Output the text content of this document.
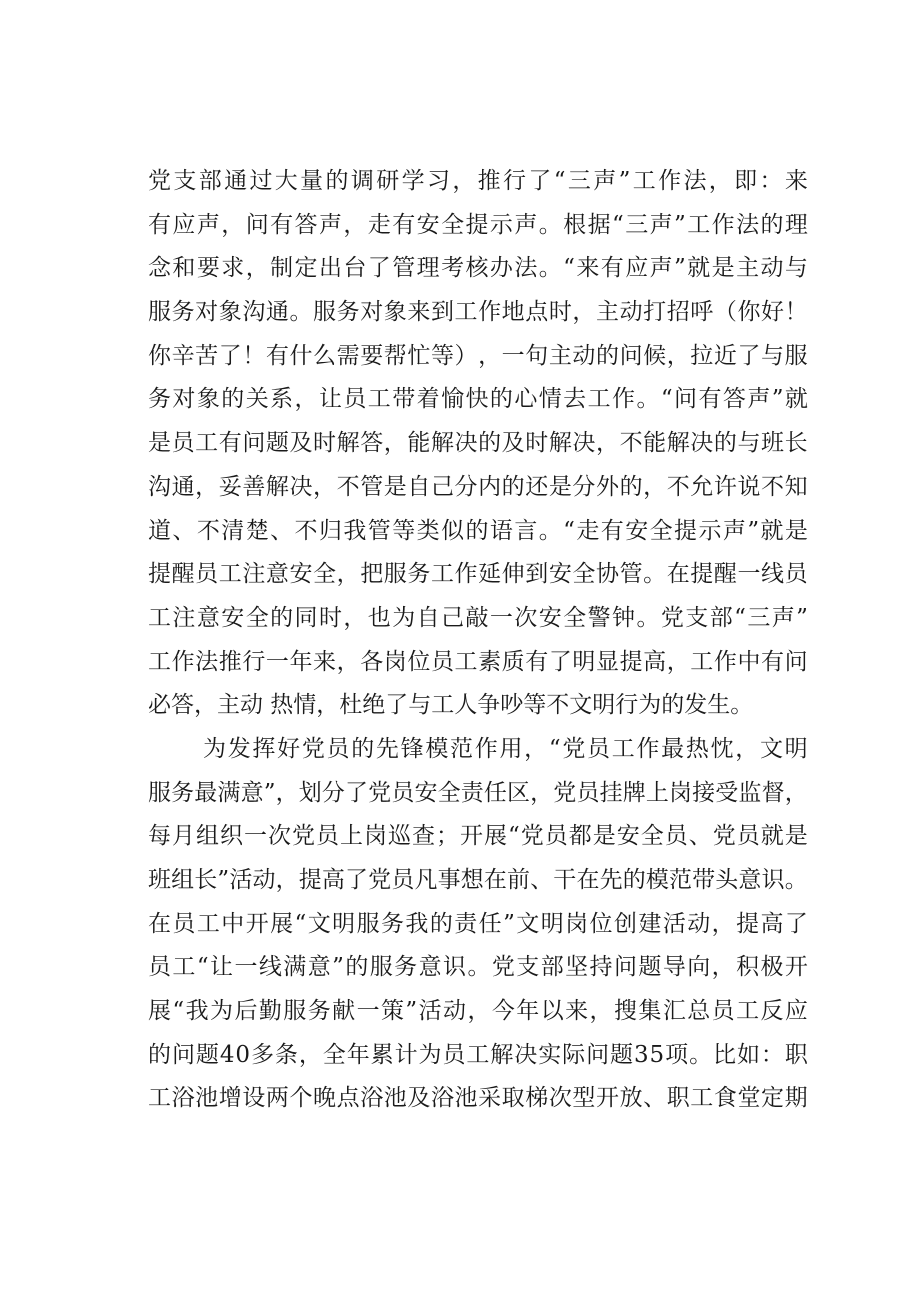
党 支 部 通 过 大 量 的 调 研 学 习 ， 推 行 了 “ 三 声 ” 工 作 法 ， 即 ： 来
有 应 声 ， 问 有 答 声 ， 走 有 安 全 提 示 声 。 根 据 “ 三 声 ” 工 作 法 的 理
念 和 要 求 ， 制 定 出 台 了 管 理 考 核 办 法 。 “ 来 有 应 声 ” 就 是 主 动 与
服 务 对 象 沟 通 。 服 务 对 象 来 到 工 作 地 点 时 ， 主 动 打 招 呼 （ 你 好 ！
你 辛 苦 了 ！ 有 什 么 需 要 帮 忙 等 ） ， 一 句 主 动 的 问 候 ， 拉 近 了 与 服
务 对 象 的 关 系 ， 让 员 工 带 着 愉 快 的 心 情 去 工 作 。 “ 问 有 答 声 ” 就
是 员 工 有 问 题 及 时 解 答 ， 能 解 决 的 及 时 解 决 ， 不 能 解 决 的 与 班 长
沟 通 ， 妥 善 解 决 ， 不 管 是 自 己 分 内 的 还 是 分 外 的 ， 不 允 许 说 不 知
道 、 不 清 楚 、 不 归 我 管 等 类 似 的 语 言 。 “ 走 有 安 全 提 示 声 ” 就 是
提 醒 员 工 注 意 安 全 ， 把 服 务 工 作 延 伸 到 安 全 协 管 。 在 提 醒 一 线 员
工 注 意 安 全 的 同 时 ， 也 为 自 己 敲 一 次 安 全 警 钟 。 党 支 部 “ 三 声 ”
工 作 法 推 行 一 年 来 ， 各 岗 位 员 工 素 质 有 了 明 显 提 高 ， 工 作 中 有 问
必答，主动 热情，杜绝了与工人争吵等不文明行为的发生。
为 发 挥 好 党 员 的 先 锋 模 范 作 用 ， “ 党 员 工 作 最 热 忱 ， 文 明
服 务 最 满 意 ” ， 划 分 了 党 员 安 全 责 任 区 ， 党 员 挂 牌 上 岗 接 受 监 督 ，
每 月 组 织 一 次 党 员 上 岗 巡 查 ； 开 展 “ 党 员 都 是 安 全 员 、 党 员 就 是
班 组 长 ” 活 动 ， 提 高 了 党 员 凡 事 想 在 前 、 干 在 先 的 模 范 带 头 意 识 。
在 员 工 中 开 展 “ 文 明 服 务 我 的 责 任 ” 文 明 岗 位 创 建 活 动 ， 提 高 了
员 工 “ 让 一 线 满 意 ” 的 服 务 意 识 。 党 支 部 坚 持 问 题 导 向 ， 积 极 开
展 “ 我 为 后 勤 服 务 献 一 策 ” 活 动 ， 今 年 以 来 ， 搜 集 汇 总 员 工 反 应
的 问 题 4 0 多 条 ， 全 年 累 计 为 员 工 解 决 实 际 问 题 3 5 项 。 比 如 ： 职
工 浴 池 增 设 两 个 晚 点 浴 池 及 浴 池 采 取 梯 次 型 开 放 、 职 工 食 堂 定 期
